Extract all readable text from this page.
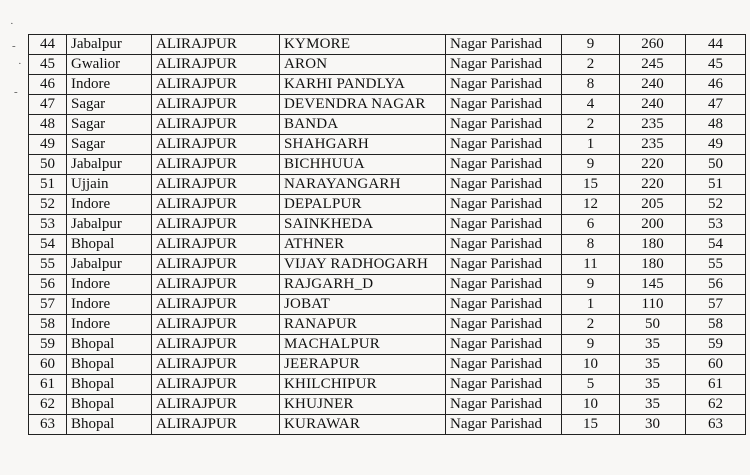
·
-
·
-
44	Jabalpur	ALIRAJPUR	KYMORE	Nagar Parishad	9	260	44
45	Gwalior	ALIRAJPUR	ARON	Nagar Parishad	2	245	45
46	Indore	ALIRAJPUR	KARHI PANDLYA	Nagar Parishad	8	240	46
47	Sagar	ALIRAJPUR	DEVENDRA NAGAR	Nagar Parishad	4	240	47
48	Sagar	ALIRAJPUR	BANDA	Nagar Parishad	2	235	48
49	Sagar	ALIRAJPUR	SHAHGARH	Nagar Parishad	1	235	49
50	Jabalpur	ALIRAJPUR	BICHHUUA	Nagar Parishad	9	220	50
51	Ujjain	ALIRAJPUR	NARAYANGARH	Nagar Parishad	15	220	51
52	Indore	ALIRAJPUR	DEPALPUR	Nagar Parishad	12	205	52
53	Jabalpur	ALIRAJPUR	SAINKHEDA	Nagar Parishad	6	200	53
54	Bhopal	ALIRAJPUR	ATHNER	Nagar Parishad	8	180	54
55	Jabalpur	ALIRAJPUR	VIJAY RADHOGARH	Nagar Parishad	11	180	55
56	Indore	ALIRAJPUR	RAJGARH_D	Nagar Parishad	9	145	56
57	Indore	ALIRAJPUR	JOBAT	Nagar Parishad	1	110	57
58	Indore	ALIRAJPUR	RANAPUR	Nagar Parishad	2	50	58
59	Bhopal	ALIRAJPUR	MACHALPUR	Nagar Parishad	9	35	59
60	Bhopal	ALIRAJPUR	JEERAPUR	Nagar Parishad	10	35	60
61	Bhopal	ALIRAJPUR	KHILCHIPUR	Nagar Parishad	5	35	61
62	Bhopal	ALIRAJPUR	KHUJNER	Nagar Parishad	10	35	62
63	Bhopal	ALIRAJPUR	KURAWAR	Nagar Parishad	15	30	63
